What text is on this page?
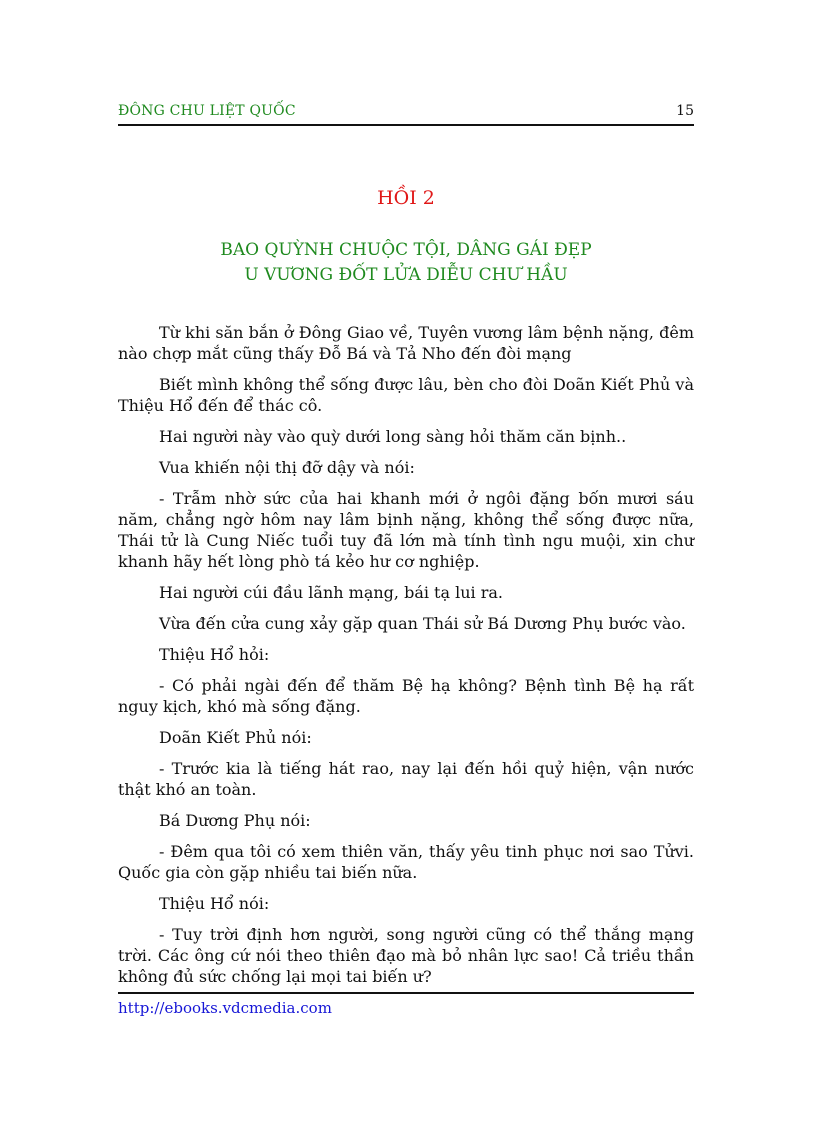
ĐÔNG CHU LIỆT QUỐC	15
HỒI 2
BAO QUỲNH CHUỘC TỘI, DÂNG GÁI ĐẸP
U VƯƠNG ĐỐT LỬA DIỄU CHƯ HẦU

Từ khi săn bắn ở Đông Giao về, Tuyên vương lâm bệnh nặng, đêm nào chợp mắt cũng thấy Đỗ Bá và Tả Nho đến đòi mạng

Biết mình không thể sống được lâu, bèn cho đòi Doãn Kiết Phủ và Thiệu Hổ đến để thác cô.

Hai người này vào quỳ dưới long sàng hỏi thăm căn bịnh..

Vua khiến nội thị đỡ dậy và nói:

- Trẫm nhờ sức của hai khanh mới ở ngôi đặng bốn mươi sáu năm, chẳng ngờ hôm nay lâm bịnh nặng, không thể sống được nữa, Thái tử là Cung Niếc tuổi tuy đã lớn mà tính tình ngu muội, xin chư khanh hãy hết lòng phò tá kẻo hư cơ nghiệp.

Hai người cúi đầu lãnh mạng, bái tạ lui ra.

Vừa đến cửa cung xảy gặp quan Thái sử Bá Dương Phụ bước vào.

Thiệu Hổ hỏi:

- Có phải ngài đến để thăm Bệ hạ không? Bệnh tình Bệ hạ rất nguy kịch, khó mà sống đặng.

Doãn Kiết Phủ nói:

- Trước kia là tiếng hát rao, nay lại đến hồi quỷ hiện, vận nước thật khó an toàn.

Bá Dương Phụ nói:

- Đêm qua tôi có xem thiên văn, thấy yêu tinh phục nơi sao Tửvi. Quốc gia còn gặp nhiều tai biến nữa.

Thiệu Hổ nói:

- Tuy trời định hơn người, song người cũng có thể thắng mạng trời. Các ông cứ nói theo thiên đạo mà bỏ nhân lực sao! Cả triều thần không đủ sức chống lại mọi tai biến ư?

http://ebooks.vdcmedia.com
